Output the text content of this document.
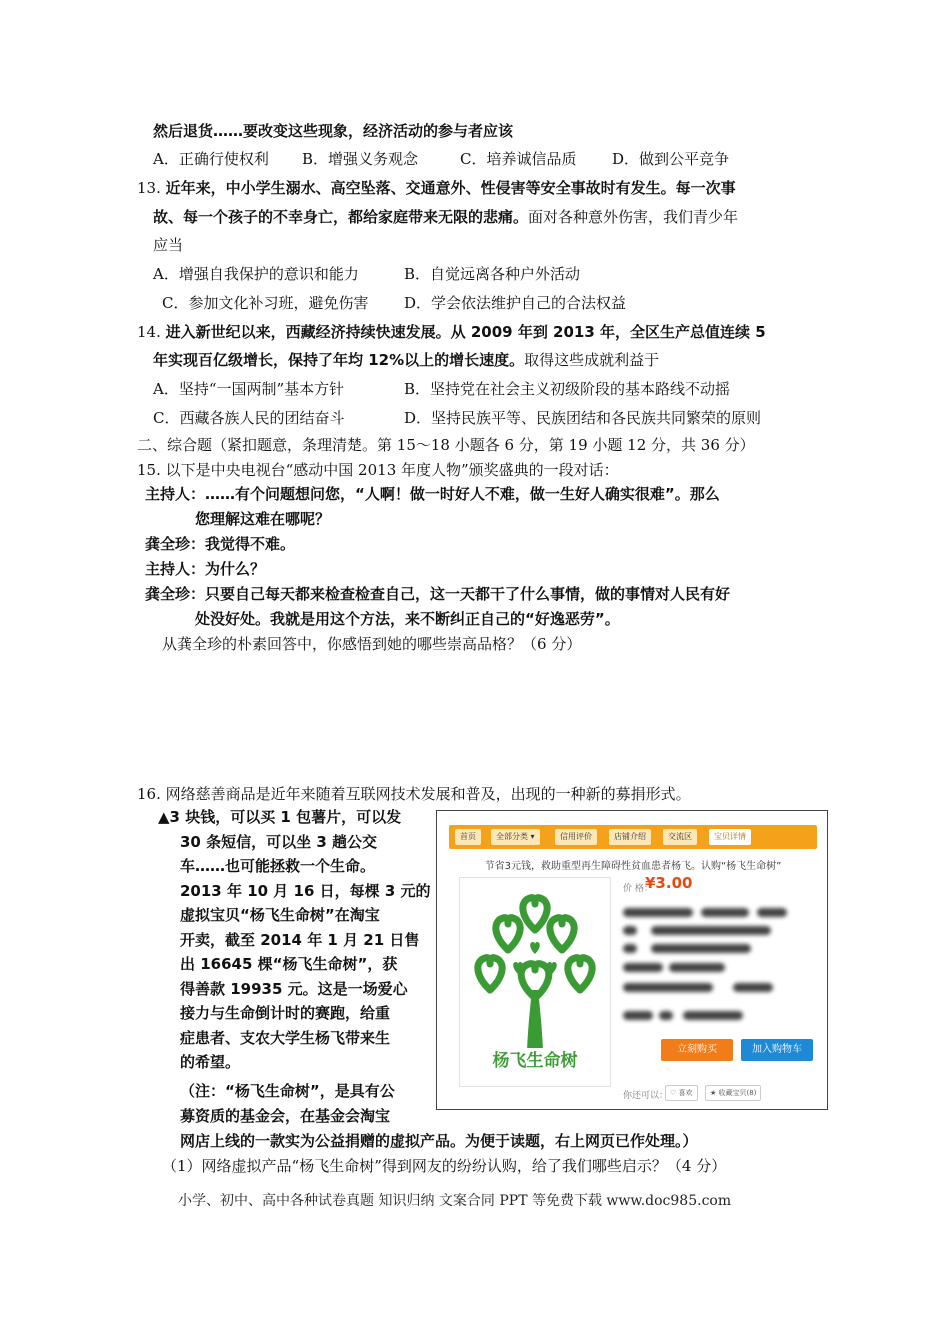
然后退货……要改变这些现象，经济活动的参与者应该
A．正确行使权利 B．增强义务观念	C．培养诚信品质 D．做到公平竞争
13. 近年来，中小学生溺水、高空坠落、交通意外、性侵害等安全事故时有发生。每一次事
故、每一个孩子的不幸身亡，都给家庭带来无限的悲痛。面对各种意外伤害，我们青少年
应当
A．增强自我保护的意识和能力	B．自觉远离各种户外活动
C．参加文化补习班，避免伤害 D．学会依法维护自己的合法权益
14. 进入新世纪以来，西藏经济持续快速发展。从 2009 年到 2013 年，全区生产总值连续 5
年实现百亿级增长，保持了年均 12%以上的增长速度。取得这些成就利益于
A．坚持“一国两制”基本方针	B．坚持党在社会主义初级阶段的基本路线不动摇
C．西藏各族人民的团结奋斗	D．坚持民族平等、民族团结和各民族共同繁荣的原则
二、综合题（紧扣题意，条理清楚。第 15～18 小题各 6 分，第 19 小题 12 分，共 36 分）
15. 以下是中央电视台“感动中国 2013 年度人物”颁奖盛典的一段对话：
主持人：……有个问题想问您，“人啊！做一时好人不难，做一生好人确实很难”。那么
您理解这难在哪呢？
龚全珍：我觉得不难。
主持人：为什么？
龚全珍：只要自己每天都来检查检查自己，这一天都干了什么事情，做的事情对人民有好
处没好处。我就是用这个方法，来不断纠正自己的“好逸恶劳”。
从龚全珍的朴素回答中，你感悟到她的哪些崇高品格？（6 分）
16. 网络慈善商品是近年来随着互联网技术发展和普及，出现的一种新的募捐形式。
▲3 块钱，可以买 1 包薯片，可以发
30 条短信，可以坐 3 趟公交
车……也可能拯救一个生命。
2013 年 10 月 16 日，每棵 3 元的
虚拟宝贝“杨飞生命树”在淘宝
开卖，截至 2014 年 1 月 21 日售
出 16645 棵“杨飞生命树”，获
得善款 19935 元。这是一场爱心
接力与生命倒计时的赛跑，给重
症患者、支农大学生杨飞带来生
的希望。
（注：“杨飞生命树”，是具有公
募资质的基金会，在基金会淘宝
网店上线的一款实为公益捐赠的虚拟产品。为便于读题，右上网页已作处理。）
（1）网络虚拟产品“杨飞生命树”得到网友的纷纷认购，给了我们哪些启示？（4 分）
首页	全部分类 ▾	信用评价	店铺介绍	交流区	宝贝详情
节省3元钱，救助重型再生障碍性贫血患者杨飞。认购“杨飞生命树”
杨飞生命树
价 格：
¥3.00
立刻购买	加入购物车
你还可以： ♡ 喜欢	★ 收藏宝贝(8)
小学、初中、高中各种试卷真题 知识归纳 文案合同 PPT 等免费下载 www.doc985.com
